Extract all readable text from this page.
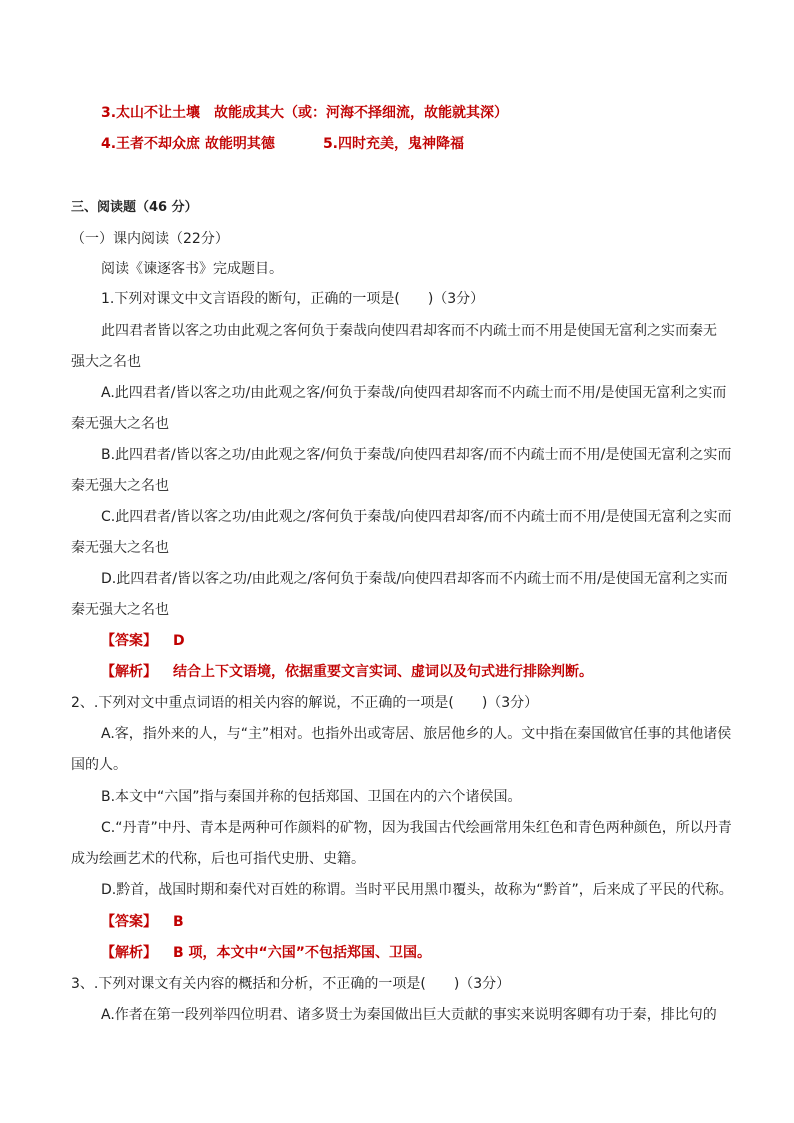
3.太山不让土壤　故能成其大（或：河海不择细流，故能就其深）
4.王者不却众庶 故能明其德	5.四时充美，鬼神降福
三、阅读题（46 分）
（一）课内阅读（22分）
阅读《谏逐客书》完成题目。
1.下列对课文中文言语段的断句，正确的一项是(　　)（3分）
此四君者皆以客之功由此观之客何负于秦哉向使四君却客而不内疏士而不用是使国无富利之实而秦无
强大之名也
A.此四君者/皆以客之功/由此观之客/何负于秦哉/向使四君却客而不内疏士而不用/是使国无富利之实而
秦无强大之名也
B.此四君者/皆以客之功/由此观之客/何负于秦哉/向使四君却客/而不内疏士而不用/是使国无富利之实而
秦无强大之名也
C.此四君者/皆以客之功/由此观之/客何负于秦哉/向使四君却客/而不内疏士而不用/是使国无富利之实而
秦无强大之名也
D.此四君者/皆以客之功/由此观之/客何负于秦哉/向使四君却客而不内疏士而不用/是使国无富利之实而
秦无强大之名也
【答案】 D
【解析】 结合上下文语境，依据重要文言实词、虚词以及句式进行排除判断。
2、.下列对文中重点词语的相关内容的解说，不正确的一项是(　　)（3分）
A.客，指外来的人，与“主”相对。也指外出或寄居、旅居他乡的人。文中指在秦国做官任事的其他诸侯
国的人。
B.本文中“六国”指与秦国并称的包括郑国、卫国在内的六个诸侯国。
C.“丹青”中丹、青本是两种可作颜料的矿物，因为我国古代绘画常用朱红色和青色两种颜色，所以丹青
成为绘画艺术的代称，后也可指代史册、史籍。
D.黔首，战国时期和秦代对百姓的称谓。当时平民用黑巾覆头，故称为“黔首”，后来成了平民的代称。
【答案】 B
【解析】 B 项，本文中“六国”不包括郑国、卫国。
3、.下列对课文有关内容的概括和分析，不正确的一项是(　　)（3分）
A.作者在第一段列举四位明君、诸多贤士为秦国做出巨大贡献的事实来说明客卿有功于秦，排比句的
